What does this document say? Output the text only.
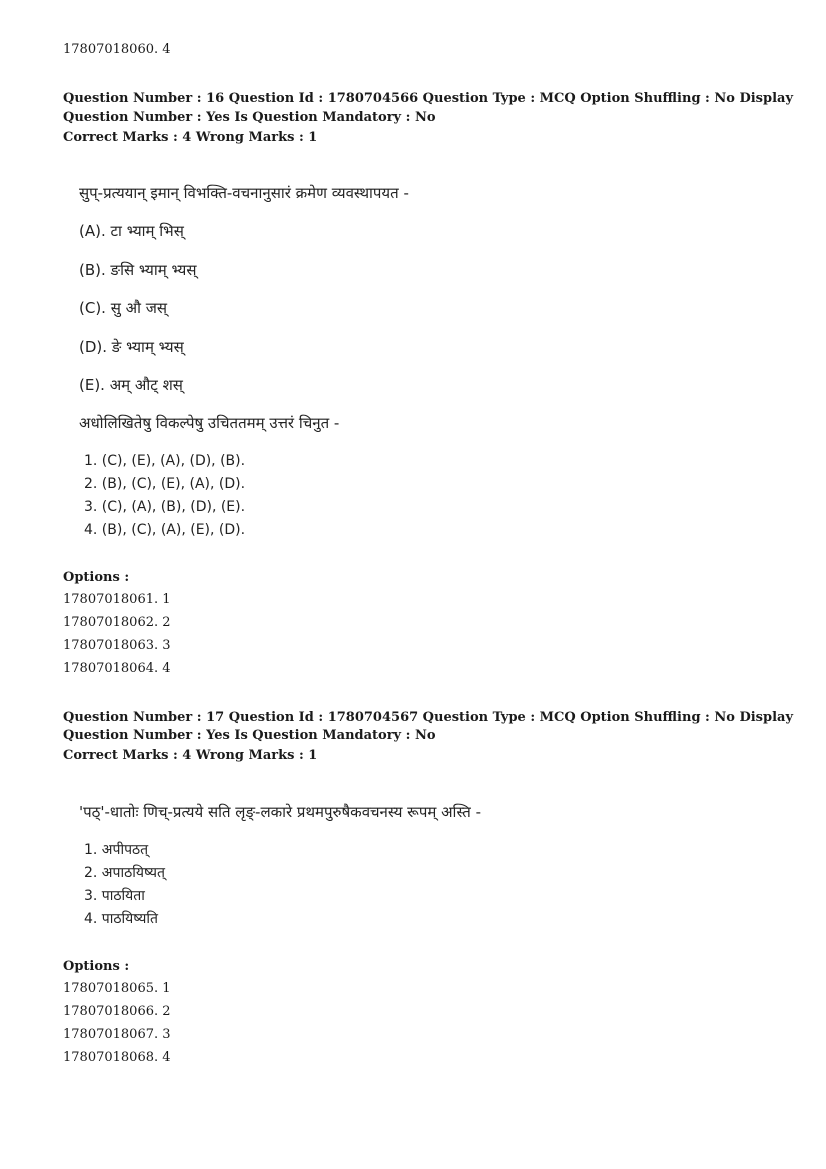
17807018060. 4
Question Number : 16 Question Id : 1780704566 Question Type : MCQ Option Shuffling : No Display
Question Number : Yes Is Question Mandatory : No
Correct Marks : 4 Wrong Marks : 1
सुप्-प्रत्ययान् इमान् विभक्ति-वचनानुसारं क्रमेण व्यवस्थापयत -
(A). टा भ्याम् भिस्
(B). ङसि भ्याम् भ्यस्
(C). सु औ जस्
(D). ङे भ्याम् भ्यस्
(E). अम् औट् शस्
अधोलिखितेषु विकल्पेषु उचिततमम् उत्तरं चिनुत -
1. (C), (E), (A), (D), (B).
2. (B), (C), (E), (A), (D).
3. (C), (A), (B), (D), (E).
4. (B), (C), (A), (E), (D).
Options :
17807018061. 1
17807018062. 2
17807018063. 3
17807018064. 4
Question Number : 17 Question Id : 1780704567 Question Type : MCQ Option Shuffling : No Display
Question Number : Yes Is Question Mandatory : No
Correct Marks : 4 Wrong Marks : 1
'पठ्'-धातोः णिच्-प्रत्यये सति लृङ्-लकारे प्रथमपुरुषैकवचनस्य रूपम् अस्ति -
1. अपीपठत्
2. अपाठयिष्यत्
3. पाठयिता
4. पाठयिष्यति
Options :
17807018065. 1
17807018066. 2
17807018067. 3
17807018068. 4
